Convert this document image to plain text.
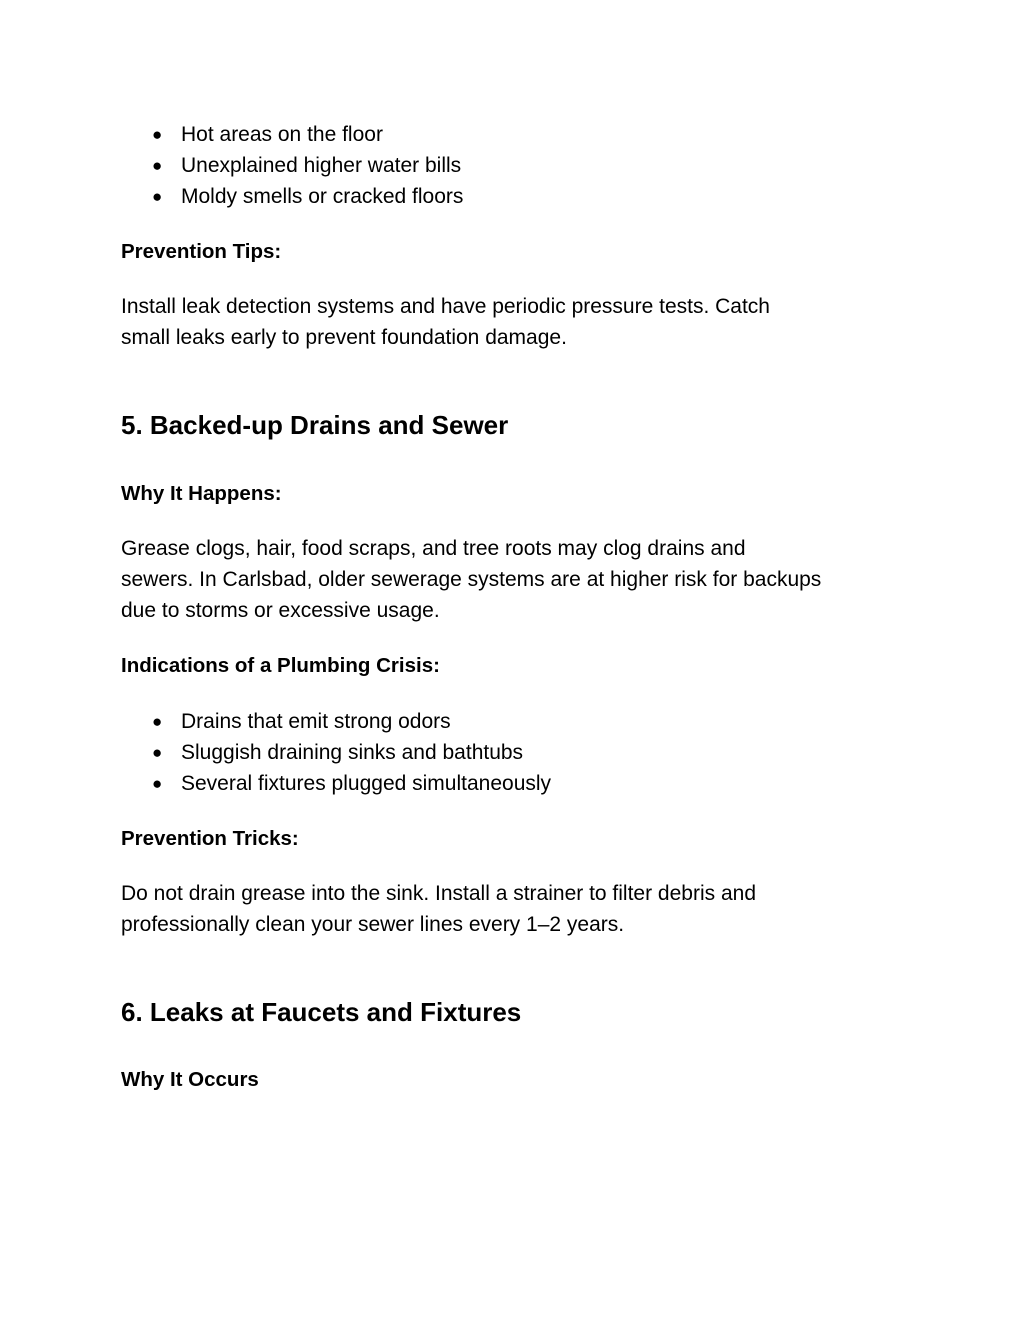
● Hot areas on the floor
● Unexplained higher water bills
● Moldy smells or cracked floors
Prevention Tips:
Install leak detection systems and have periodic pressure tests. Catch
small leaks early to prevent foundation damage.
5. Backed-up Drains and Sewer
Why It Happens:
Grease clogs, hair, food scraps, and tree roots may clog drains and
sewers. In Carlsbad, older sewerage systems are at higher risk for backups
due to storms or excessive usage.
Indications of a Plumbing Crisis:
● Drains that emit strong odors
● Sluggish draining sinks and bathtubs
● Several fixtures plugged simultaneously
Prevention Tricks:
Do not drain grease into the sink. Install a strainer to filter debris and
professionally clean your sewer lines every 1–2 years.
6. Leaks at Faucets and Fixtures
Why It Occurs
